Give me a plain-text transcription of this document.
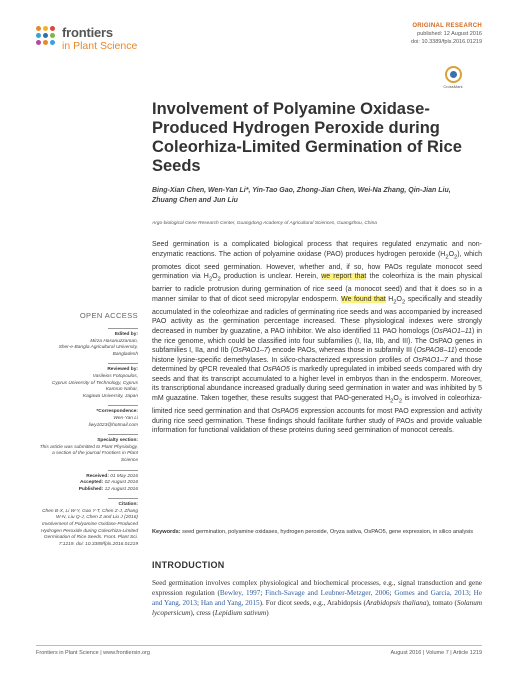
frontiers
in Plant Science
ORIGINAL RESEARCH
published: 12 August 2016
doi: 10.3389/fpls.2016.01219
CrossMark
Involvement of Polyamine Oxidase-Produced Hydrogen Peroxide during Coleorhiza-Limited Germination of Rice Seeds
Bing-Xian Chen, Wen-Yan Li*, Yin-Tao Gao, Zhong-Jian Chen, Wei-Na Zhang, Qin-Jian Liu, Zhuang Chen and Jun Liu
Argo-biological Gene Research Center, Guangdong Academy of Agricultural Sciences, Guangzhou, China

Seed germination is a complicated biological process that requires regulated enzymatic and non-enzymatic reactions. The action of polyamine oxidase (PAO) produces hydrogen peroxide $(H_2O_2)$, which promotes dicot seed germination. However, whether and, if so, how PAOs regulate monocot seed germination via $H_2O_2$ production is unclear. Herein, we report that the coleorhiza is the main physical barrier to radicle protrusion during germination of rice seed (a monocot seed) and that it does so in a manner similar to that of dicot seed micropylar endosperm. We found that $H_2O_2$ specifically and steadily accumulated in the coleorhizae and radicles of germinating rice seeds and was accompanied by increased PAO activity as the germination percentage increased. These physiological indexes were strongly decreased in number by guazatine, a PAO inhibitor. We also identified 11 PAO homologs (OsPAO1–11) in the rice genome, which could be classified into four subfamilies (I, IIa, IIb, and III). The OsPAO genes in subfamilies I, IIa, and IIb (OsPAO1–7) encode PAOs, whereas those in subfamily III (OsPAO8–11) encode histone lysine-specific demethylases. In silico-characterized expression profiles of OsPAO1–7 and those determined by qPCR revealed that OsPAO5 is markedly upregulated in imbibed seeds compared with dry seeds and that its transcript accumulated to a higher level in embryos than in the endosperm. Moreover, its transcriptional abundance increased gradually during seed germination in water and was inhibited by 5 mM guazatine. Taken together, these results suggest that PAO-generated $H_2O_2$ is involved in coleorhiza-limited rice seed germination and that OsPAO5 expression accounts for most PAO expression and activity during rice seed germination. These findings should facilitate further study of PAOs and provide valuable information for functional validation of these proteins during seed germination of monocot cereals.

Keywords: seed germination, polyamine oxidases, hydrogen peroxide, Oryza sativa, OsPAO5, gene expression, in silico analysis
INTRODUCTION

Seed germination involves complex physiological and biochemical processes, e.g., signal transduction and gene expression regulation (Bewley, 1997; Finch-Savage and Leubner-Metzger, 2006; Gomes and Garcia, 2013; He and Yang, 2013; Han and Yang, 2015). For dicot seeds, e.g., Arabidopsis (Arabidopsis thaliana), tomato (Solanum lycopersicum), cress (Lepidium sativum)

OPEN ACCESS
Edited by:
Mirza Hasanuzzaman,
Sher-e-Bangla Agricultural University, Bangladesh
Reviewed by:
Vasileios Fotopoulos,
Cyprus University of Technology, Cyprus
Kamrun Nahar,
Kagawa University, Japan
*Correspondence:
Wen-Yan Li
liwy1023@hotmail.com
Specialty section:
This article was submitted to Plant Physiology, a section of the journal Frontiers in Plant Science
Received: 01 May 2016
Accepted: 02 August 2016
Published: 12 August 2016
Citation:
Chen B-X, Li W-Y, Gao Y-T, Chen Z-J, Zhang W-N, Liu Q-J, Chen Z and Liu J (2016) Involvement of Polyamine Oxidase-Produced Hydrogen Peroxide during Coleorhiza-Limited Germination of Rice Seeds. Front. Plant Sci. 7:1219. doi: 10.3389/fpls.2016.01219
Frontiers in Plant Science | www.frontiersin.org	August 2016 | Volume 7 | Article 1219
